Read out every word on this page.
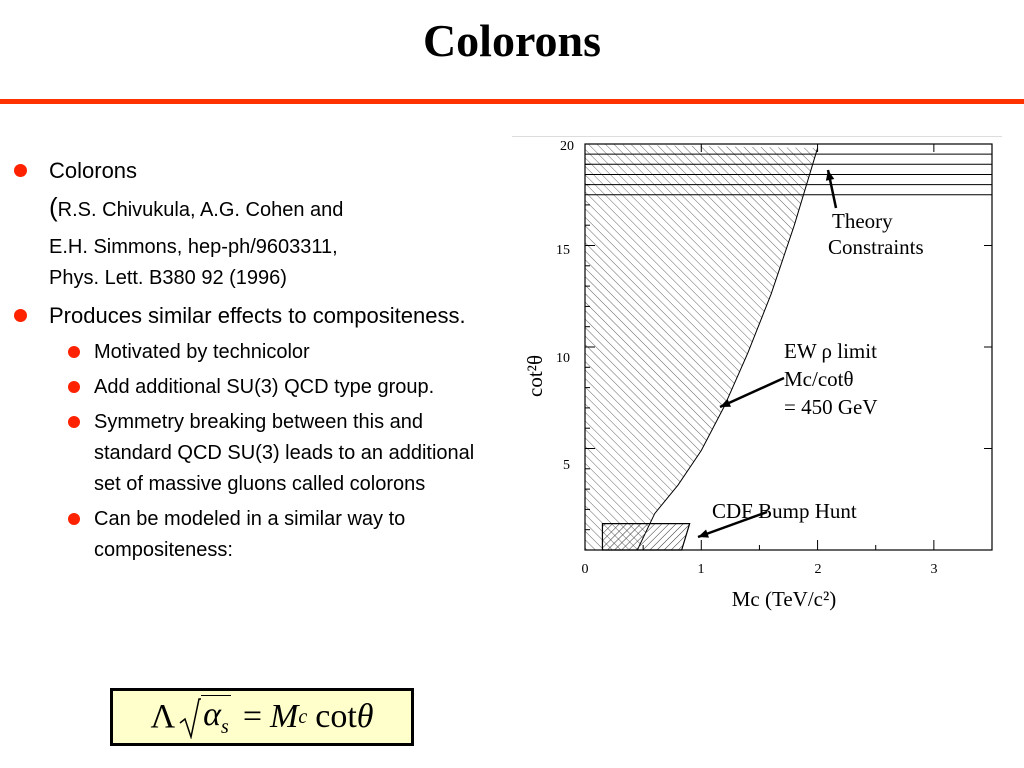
Colorons
Colorons
(R.S. Chivukula, A.G. Cohen and
E.H. Simmons, hep-ph/9603311,
Phys. Lett. B380 92 (1996)
Produces similar effects to compositeness.
Motivated by technicolor
Add additional SU(3) QCD type group.
Symmetry breaking between this and standard QCD SU(3) leads to an additional set of massive gluons called colorons
Can be modeled in a similar way to compositeness:
Λ $\alpha_s = M$ c cot θ
20
15
10
5
0	1	2	3
cot²θ
Mc (TeV/c²)
Theory
Constraints
EW ρ limit
Mc/cotθ
= 450 GeV
CDF Bump Hunt
